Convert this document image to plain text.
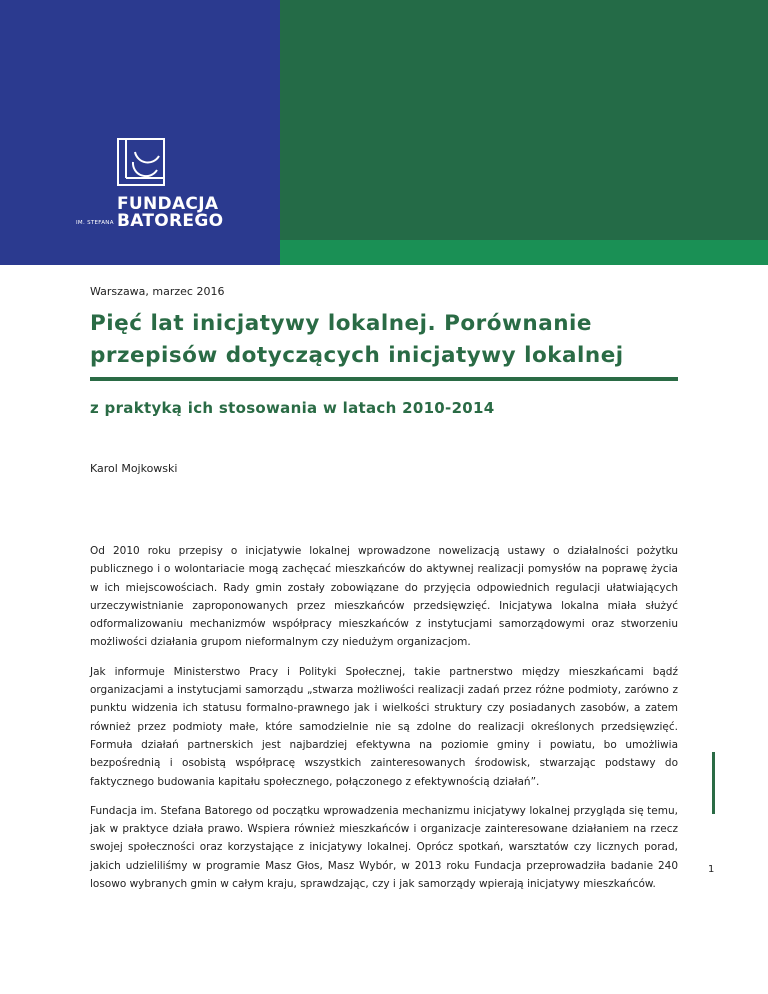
FUNDACJA
BATOREGO
IM. STEFANA
Warszawa, marzec 2016
Pięć lat inicjatywy lokalnej. Porównanie przepisów dotyczących inicjatywy lokalnej
z praktyką ich stosowania w latach 2010-2014
Karol Mojkowski

Od 2010 roku przepisy o inicjatywie lokalnej wprowadzone nowelizacją ustawy o działalności pożytku publicznego i o wolontariacie mogą zachęcać mieszkańców do aktywnej realizacji pomysłów na poprawę życia w ich miejscowościach. Rady gmin zostały zobowiązane do przyjęcia odpowiednich regulacji ułatwiających urzeczywistnianie zaproponowanych przez mieszkańców przedsięwzięć. Inicjatywa lokalna miała służyć odformalizowaniu mechanizmów współpracy mieszkańców z instytucjami samorządowymi oraz stworzeniu możliwości działania grupom nieformalnym czy niedużym organizacjom.

Jak informuje Ministerstwo Pracy i Polityki Społecznej, takie partnerstwo między mieszkańcami bądź organizacjami a instytucjami samorządu „stwarza możliwości realizacji zadań przez różne podmioty, zarówno z punktu widzenia ich statusu formalno-prawnego jak i wielkości struktury czy posiadanych zasobów, a zatem również przez podmioty małe, które samodzielnie nie są zdolne do realizacji określonych przedsięwzięć. Formuła działań partnerskich jest najbardziej efektywna na poziomie gminy i powiatu, bo umożliwia bezpośrednią i osobistą współpracę wszystkich zainteresowanych środowisk, stwarzając podstawy do faktycznego budowania kapitału społecznego, połączonego z efektywnością działań”.

Fundacja im. Stefana Batorego od początku wprowadzenia mechanizmu inicjatywy lokalnej przygląda się temu, jak w praktyce działa prawo. Wspiera również mieszkańców i organizacje zainteresowane działaniem na rzecz swojej społeczności oraz korzystające z inicjatywy lokalnej. Oprócz spotkań, warsztatów czy licznych porad, jakich udzieliliśmy w programie Masz Głos, Masz Wybór, w 2013 roku Fundacja przeprowadziła badanie 240 losowo wybranych gmin w całym kraju, sprawdzając, czy i jak samorządy wpierają inicjatywy mieszkańców.

1
